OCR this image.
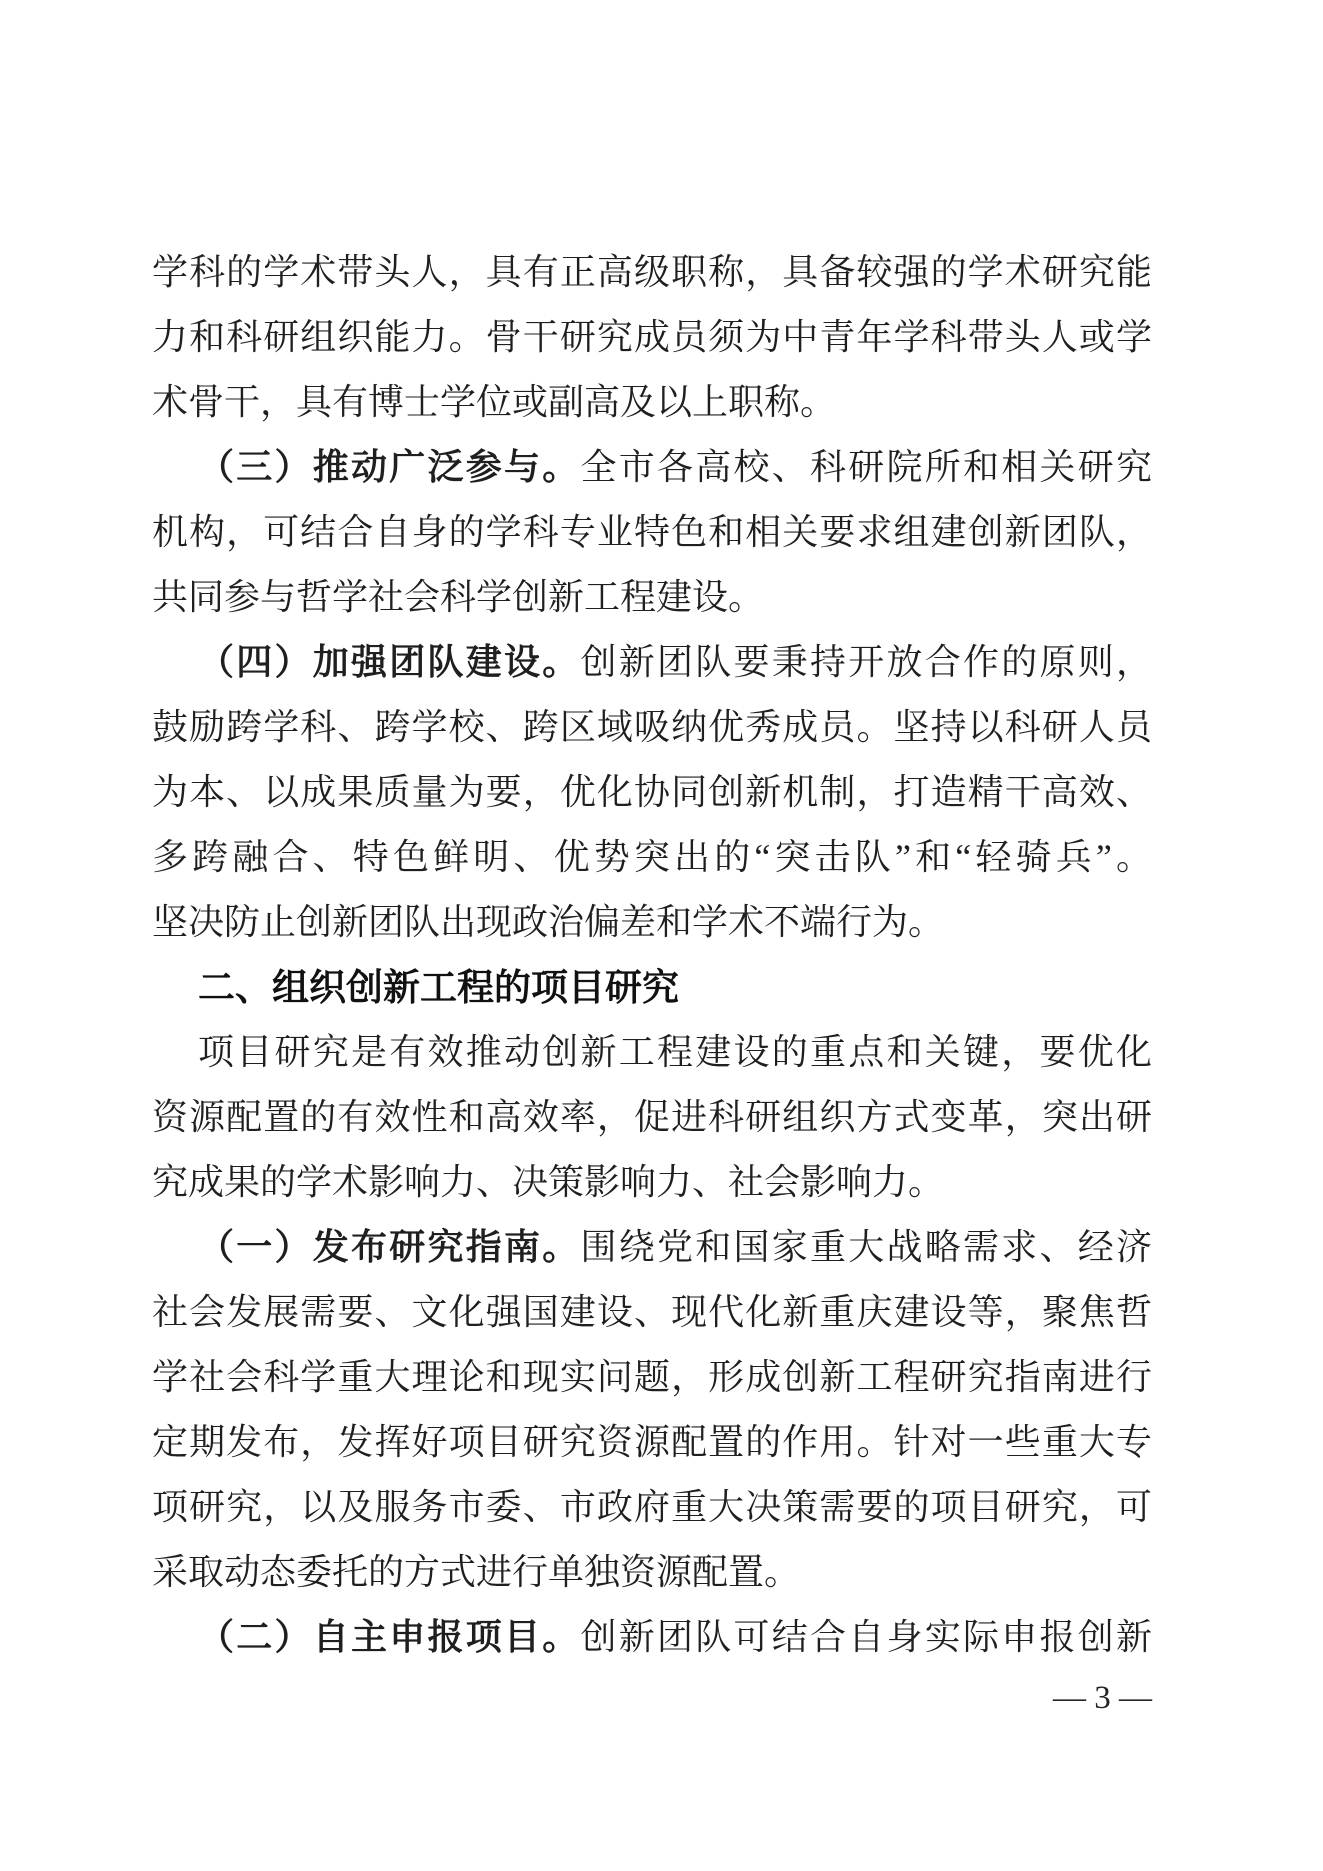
学科的学术带头人，具有正高级职称，具备较强的学术研究能
力和科研组织能力。骨干研究成员须为中青年学科带头人或学
术骨干，具有博士学位或副高及以上职称。
（三）推动广泛参与。全市各高校、科研院所和相关研究
机构，可结合自身的学科专业特色和相关要求组建创新团队，
共同参与哲学社会科学创新工程建设。
（四）加强团队建设。创新团队要秉持开放合作的原则，
鼓励跨学科、跨学校、跨区域吸纳优秀成员。坚持以科研人员
为本、以成果质量为要，优化协同创新机制，打造精干高效、
多跨融合、特色鲜明、优势突出的“突击队”和“轻骑兵”。
坚决防止创新团队出现政治偏差和学术不端行为。
二、组织创新工程的项目研究
项目研究是有效推动创新工程建设的重点和关键，要优化
资源配置的有效性和高效率，促进科研组织方式变革，突出研
究成果的学术影响力、决策影响力、社会影响力。
（一）发布研究指南。围绕党和国家重大战略需求、经济
社会发展需要、文化强国建设、现代化新重庆建设等，聚焦哲
学社会科学重大理论和现实问题，形成创新工程研究指南进行
定期发布，发挥好项目研究资源配置的作用。针对一些重大专
项研究，以及服务市委、市政府重大决策需要的项目研究，可
采取动态委托的方式进行单独资源配置。
（二）自主申报项目。创新团队可结合自身实际申报创新
— 3 —
